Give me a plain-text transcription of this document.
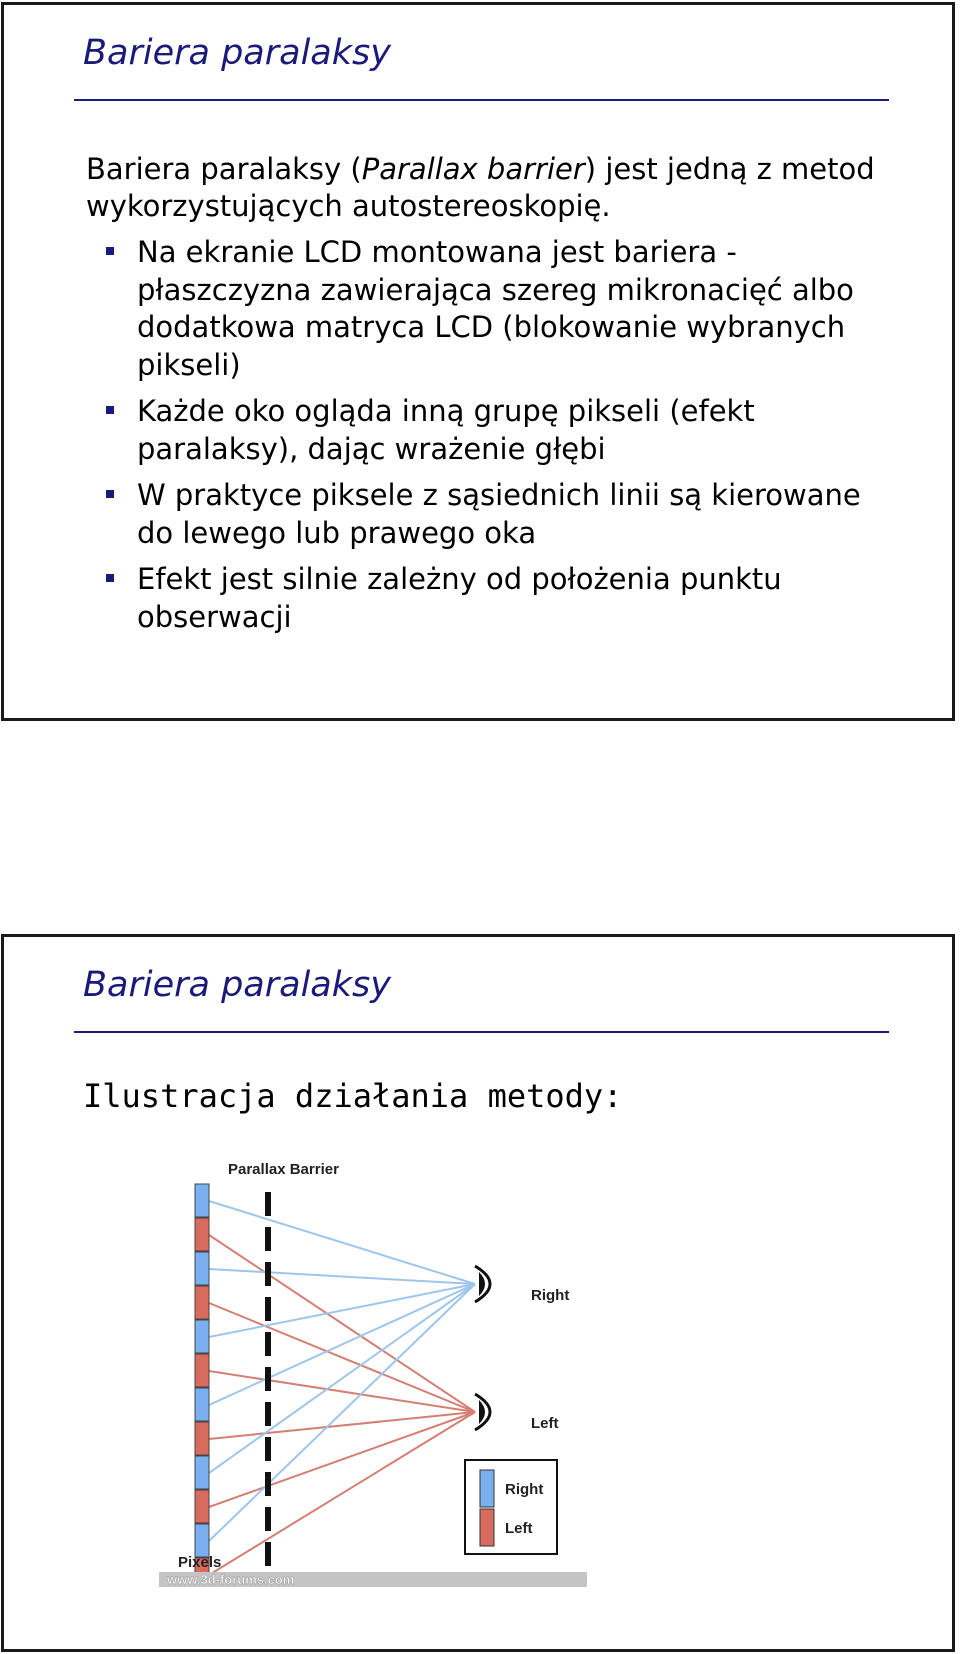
Bariera paralaksy
Bariera paralaksy (Parallax barrier) jest jedną z metod wykorzystujących autostereoskopię.
Na ekranie LCD montowana jest bariera - płaszczyzna zawierająca szereg mikronacięć albo dodatkowa matryca LCD (blokowanie wybranych pikseli)
Każde oko ogląda inną grupę pikseli (efekt paralaksy), dając wrażenie głębi
W praktyce piksele z sąsiednich linii są kierowane do lewego lub prawego oka
Efekt jest silnie zależny od położenia punktu obserwacji
Bariera paralaksy
Ilustracja działania metody:
Parallax Barrier
Pixels
Right
Left
Right
Left
www.3d-forums.com
